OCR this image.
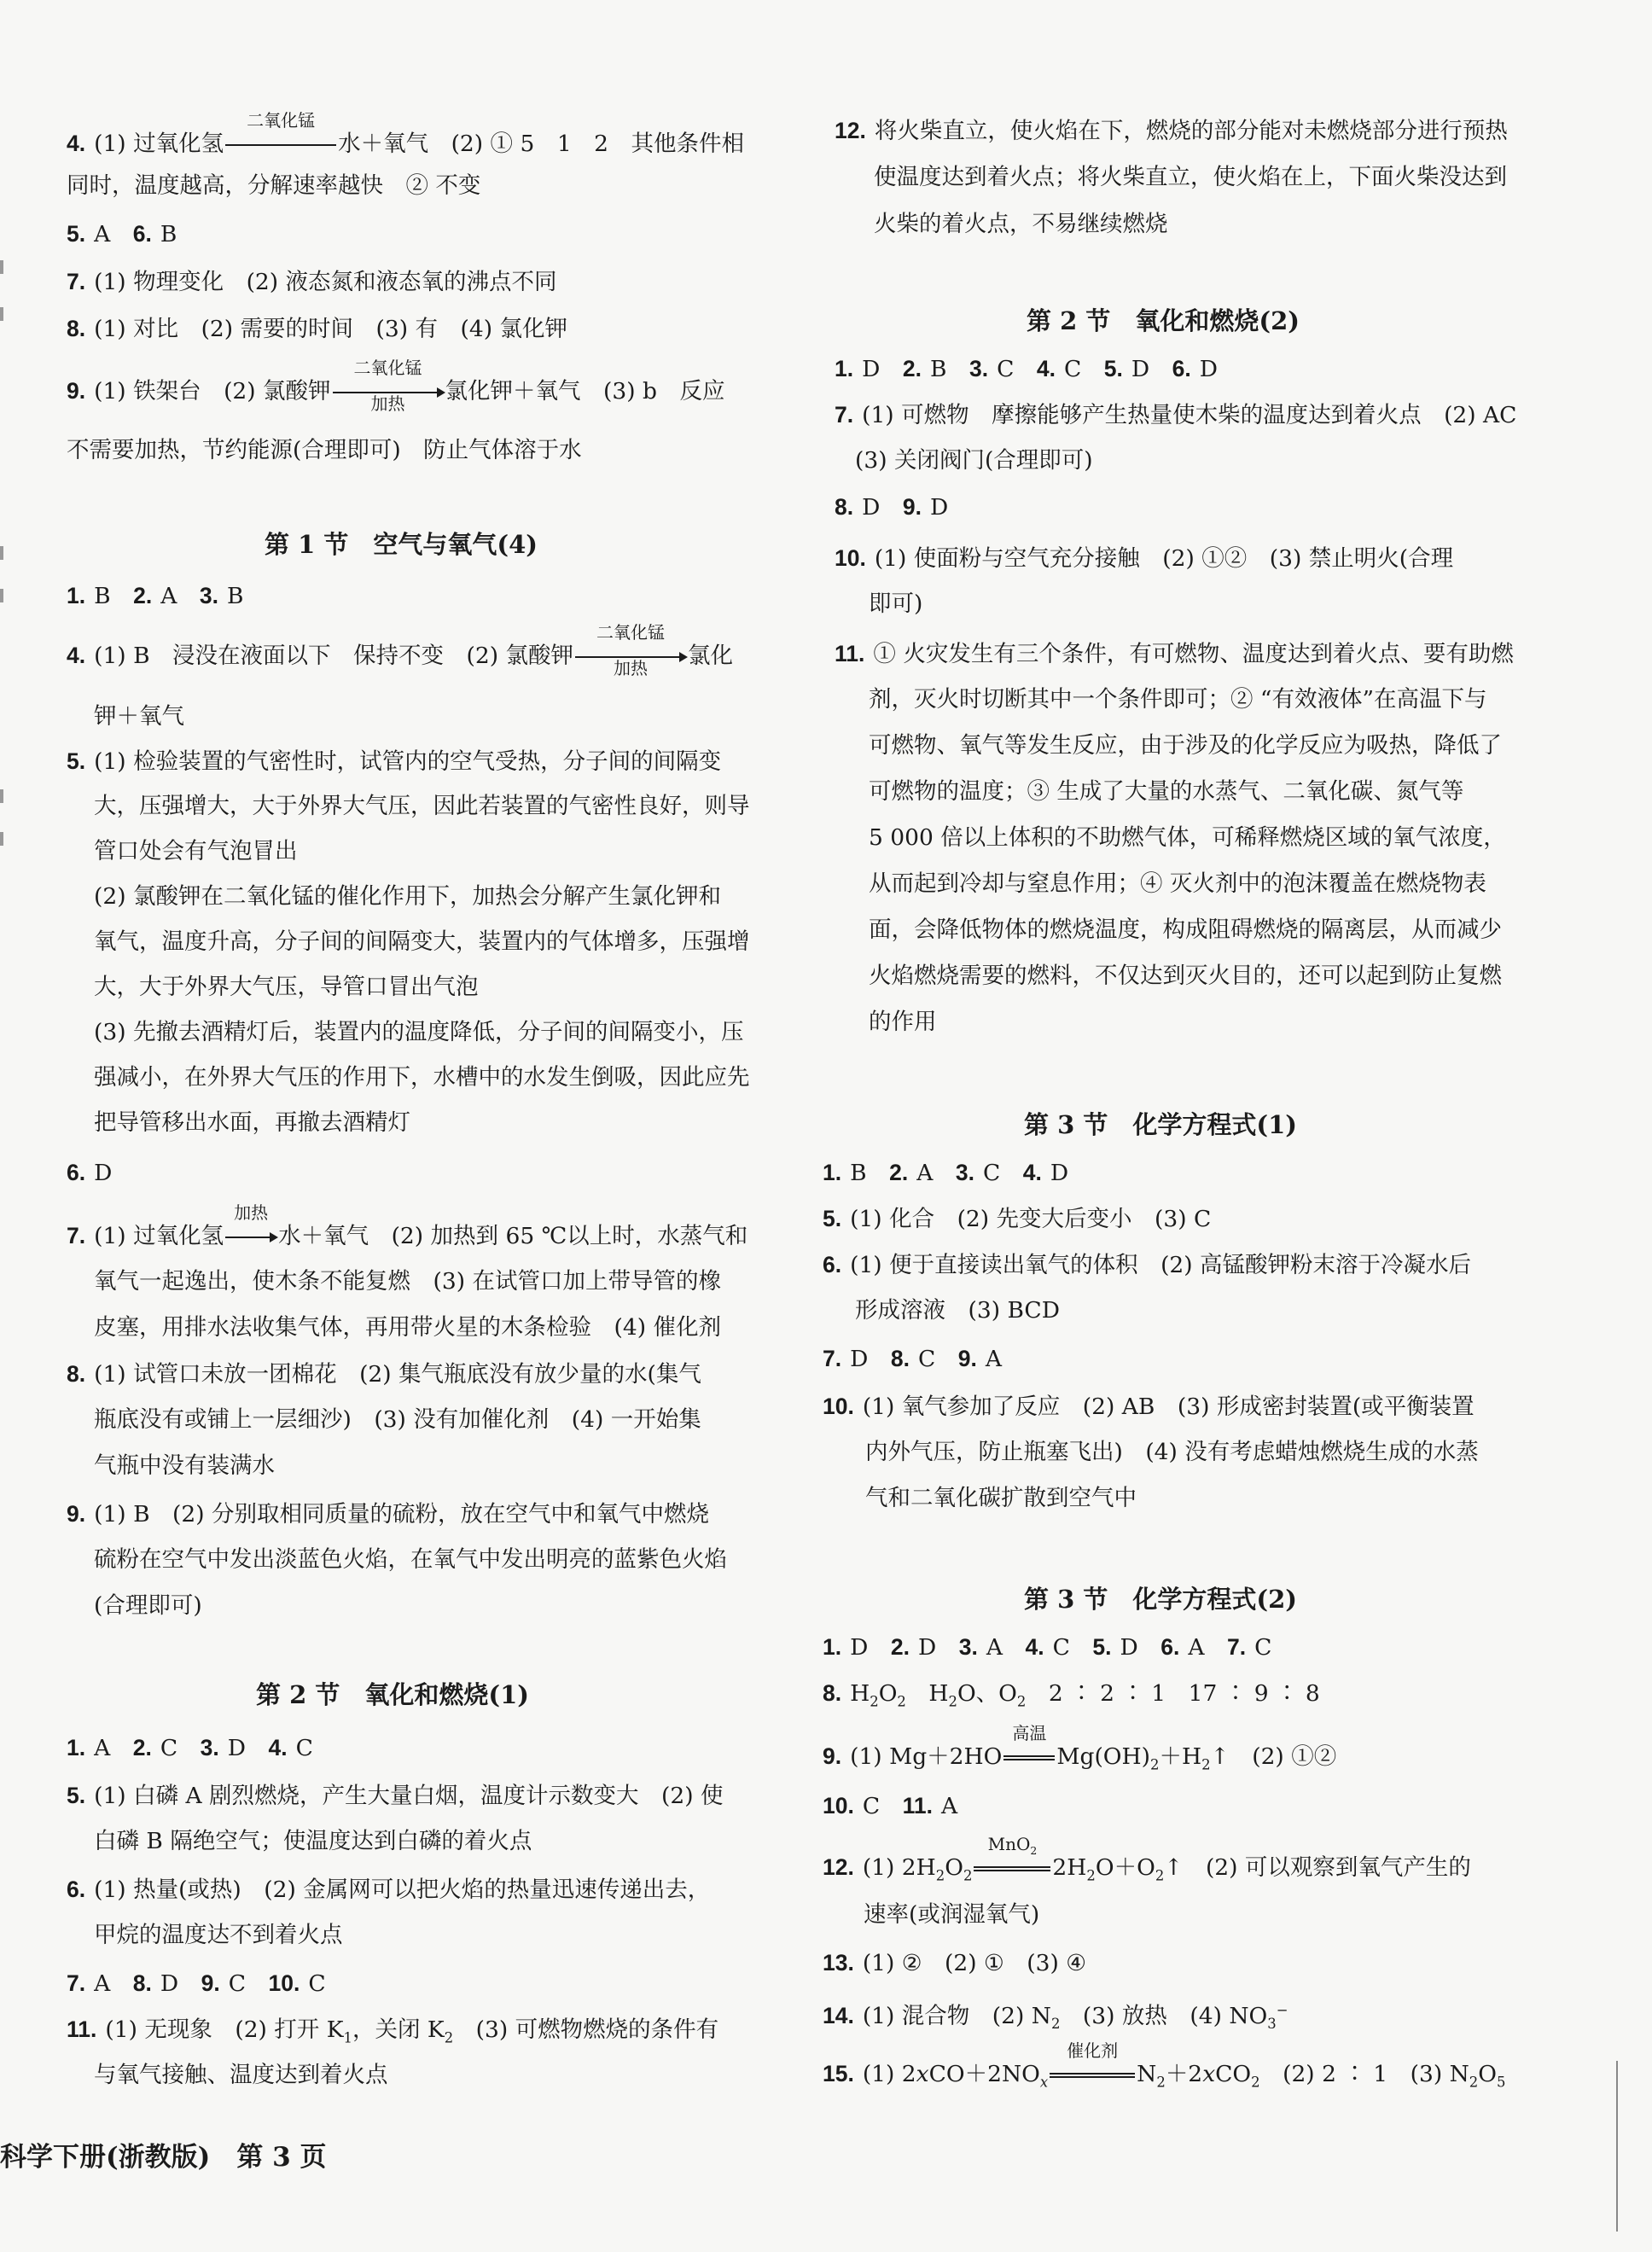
4. (1) 过氧化氢
二氧化锰
水＋氧气　(2) ① 5　1　2　其他条件相
同时，温度越高，分解速率越快　② 不变
5. A　6. B
7. (1) 物理变化　(2) 液态氮和液态氧的沸点不同
8. (1) 对比　(2) 需要的时间　(3) 有　(4) 氯化钾
9. (1) 铁架台　(2) 氯酸钾
二氧化锰
加热	氯化钾＋氧气　(3) b　反应
不需要加热，节约能源(合理即可)　防止气体溶于水
第 1 节　空气与氧气(4)
1. B　2. A　3. B
4. (1) B　浸没在液面以下　保持不变　(2) 氯酸钾
二氧化锰
加热	氯化
钾＋氧气
5. (1) 检验装置的气密性时，试管内的空气受热，分子间的间隔变
大，压强增大，大于外界大气压，因此若装置的气密性良好，则导
管口处会有气泡冒出
(2) 氯酸钾在二氧化锰的催化作用下，加热会分解产生氯化钾和
氧气，温度升高，分子间的间隔变大，装置内的气体增多，压强增
大，大于外界大气压，导管口冒出气泡
(3) 先撤去酒精灯后，装置内的温度降低，分子间的间隔变小，压
强减小，在外界大气压的作用下，水槽中的水发生倒吸，因此应先
把导管移出水面，再撤去酒精灯
6. D
7. (1) 过氧化氢
加热
水＋氧气　(2) 加热到 65 ℃以上时，水蒸气和
氧气一起逸出，使木条不能复燃　(3) 在试管口加上带导管的橡
皮塞，用排水法收集气体，再用带火星的木条检验　(4) 催化剂
8. (1) 试管口未放一团棉花　(2) 集气瓶底没有放少量的水(集气
瓶底没有或铺上一层细沙)　(3) 没有加催化剂　(4) 一开始集
气瓶中没有装满水
9. (1) B　(2) 分别取相同质量的硫粉，放在空气中和氧气中燃烧
硫粉在空气中发出淡蓝色火焰，在氧气中发出明亮的蓝紫色火焰
(合理即可)
第 2 节　氧化和燃烧(1)
1. A　2. C　3. D　4. C
5. (1) 白磷 A 剧烈燃烧，产生大量白烟，温度计示数变大　(2) 使
白磷 B 隔绝空气；使温度达到白磷的着火点
6. (1) 热量(或热)　(2) 金属网可以把火焰的热量迅速传递出去，
甲烷的温度达不到着火点
7. A　8. D　9. C　10. C
11. (1) 无现象　(2) 打开 $K_1$，关闭 $K_2$　(3) 可燃物燃烧的条件有
与氧气接触、温度达到着火点
科学下册(浙教版)　第 3 页
12. 将火柴直立，使火焰在下，燃烧的部分能对未燃烧部分进行预热
使温度达到着火点；将火柴直立，使火焰在上，下面火柴没达到
火柴的着火点，不易继续燃烧
第 2 节　氧化和燃烧(2)
1. D　2. B　3. C　4. C　5. D　6. D
7. (1) 可燃物　摩擦能够产生热量使木柴的温度达到着火点　(2) AC
(3) 关闭阀门(合理即可)
8. D　9. D
10. (1) 使面粉与空气充分接触　(2) ①②　(3) 禁止明火(合理
即可)
11. ① 火灾发生有三个条件，有可燃物、温度达到着火点、要有助燃
剂，灭火时切断其中一个条件即可；② “有效液体”在高温下与
可燃物、氧气等发生反应，由于涉及的化学反应为吸热，降低了
可燃物的温度；③ 生成了大量的水蒸气、二氧化碳、氮气等
5 000 倍以上体积的不助燃气体，可稀释燃烧区域的氧气浓度，
从而起到冷却与窒息作用；④ 灭火剂中的泡沫覆盖在燃烧物表
面，会降低物体的燃烧温度，构成阻碍燃烧的隔离层，从而减少
火焰燃烧需要的燃料，不仅达到灭火目的，还可以起到防止复燃
的作用
第 3 节　化学方程式(1)
1. B　2. A　3. C　4. D
5. (1) 化合　(2) 先变大后变小　(3) C
6. (1) 便于直接读出氧气的体积　(2) 高锰酸钾粉末溶于冷凝水后
形成溶液　(3) BCD
7. D　8. C　9. A
10. (1) 氧气参加了反应　(2) AB　(3) 形成密封装置(或平衡装置
内外气压，防止瓶塞飞出)　(4) 没有考虑蜡烛燃烧生成的水蒸
气和二氧化碳扩散到空气中
第 3 节　化学方程式(2)
1. D　2. D　3. A　4. C　5. D　6. A　7. C
8. $H_2O_2$　$H_2O$、$O_2$　2 ∶ 2 ∶ 1　17 ∶ 9 ∶ 8
9. (1) Mg＋2HO
高温
$Mg(OH)_2+H_2↑$　(2) ①②
10. C　11. A
12. (1) $2H_2O_2$
MnO$_2$
$2H_2O+O_2↑$　(2) 可以观察到氧气产生的
速率(或润湿氧气)
13. (1) ②　(2) ①　(3) ④
14. (1) 混合物　(2) $N_2$　(3) 放热　(4) $NO_3^-$
15. (1) $2xCO+2NO_x$
催化剂
$N_2+2xCO_2$　(2) 2 ∶ 1　(3) $N_2O_5$
